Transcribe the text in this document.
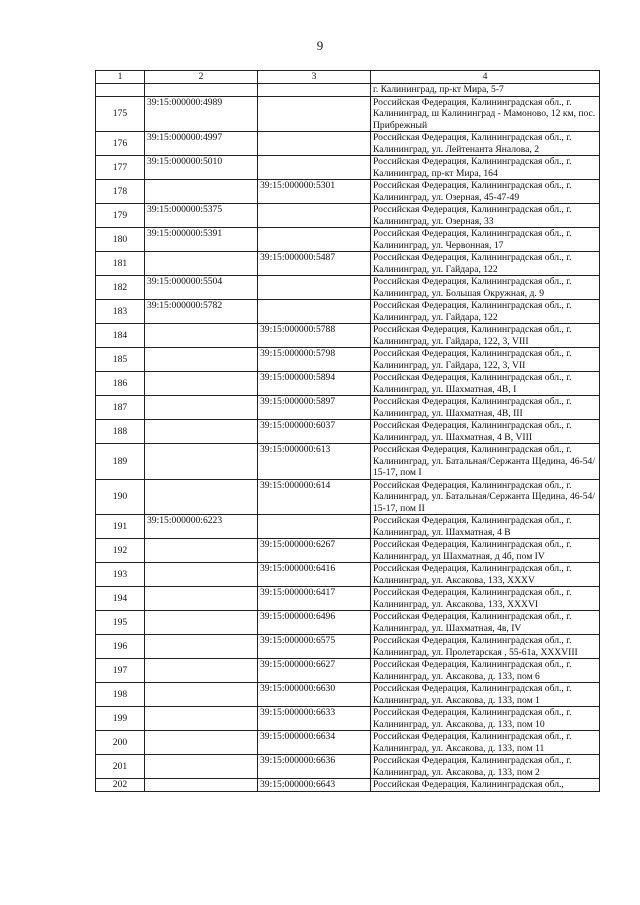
9
1	2	3	4
			г. Калининград, пр-кт Мира, 5-7
175	39:15:000000:4989		Российская Федерация, Калининградская обл., г. Калининград, ш Калининград - Мамоново, 12 км, пос. Прибрежный
176	39:15:000000:4997		Российская Федерация, Калининградская обл., г. Калининград, ул. Лейтенанта Яналова, 2
177	39:15:000000:5010		Российская Федерация, Калининградская обл., г. Калининград, пр-кт Мира, 164
178		39:15:000000:5301	Российская Федерация, Калининградская обл., г. Калининград, ул. Озерная, 45-47-49
179	39:15:000000:5375		Российская Федерация, Калининградская обл., г. Калининград, ул. Озерная, 33
180	39:15:000000:5391		Российская Федерация, Калининградская обл., г. Калининград, ул. Червонная, 17
181		39:15:000000:5487	Российская Федерация, Калининградская обл., г. Калининград, ул. Гайдара, 122
182	39:15:000000:5504		Российская Федерация, Калининградская обл., г. Калининград, ул. Большая Окружная, д. 9
183	39:15:000000:5782		Российская Федерация, Калининградская обл., г. Калининград, ул. Гайдара, 122
184		39:15:000000:5788	Российская Федерация, Калининградская обл., г. Калининград, ул. Гайдара, 122, 3, VIII
185		39:15:000000:5798	Российская Федерация, Калининградская обл., г. Калининград, ул. Гайдара, 122, 3, VII
186		39:15:000000:5894	Российская Федерация, Калининградская обл., г. Калининград, ул. Шахматная, 4В, I
187		39:15:000000:5897	Российская Федерация, Калининградская обл., г. Калининград, ул. Шахматная, 4В, III
188		39:15:000000:6037	Российская Федерация, Калининградская обл., г. Калининград, ул. Шахматная, 4 В, VIII
189		39:15:000000:613	Российская Федерация, Калининградская обл., г. Калининград, ул. Батальная/Сержанта Щедина, 46-54/ 15-17, пом I
190		39:15:000000:614	Российская Федерация, Калининградская обл., г. Калининград, ул. Батальная/Сержанта Щедина, 46-54/ 15-17, пом II
191	39:15:000000:6223		Российская Федерация, Калининградская обл., г. Калининград, ул. Шахматная, 4 В
192		39:15:000000:6267	Российская Федерация, Калининградская обл., г. Калининград, ул Шахматная, д 4б, пом IV
193		39:15:000000:6416	Российская Федерация, Калининградская обл., г. Калининград, ул. Аксакова, 133, XXXV
194		39:15:000000:6417	Российская Федерация, Калининградская обл., г. Калининград, ул. Аксакова, 133, XXXVI
195		39:15:000000:6496	Российская Федерация, Калининградская обл., г. Калининград, ул. Шахматная, 4в, IV
196		39:15:000000:6575	Российская Федерация, Калининградская обл., г. Калининград, ул. Пролетарская , 55-61а, XXXVIII
197		39:15:000000:6627	Российская Федерация, Калининградская обл., г. Калининград, ул. Аксакова, д. 133, пом 6
198		39:15:000000:6630	Российская Федерация, Калининградская обл., г. Калининград, ул. Аксакова, д. 133, пом 1
199		39:15:000000:6633	Российская Федерация, Калининградская обл., г. Калининград, ул. Аксакова, д. 133, пом 10
200		39:15:000000:6634	Российская Федерация, Калининградская обл., г. Калининград, ул. Аксакова, д. 133, пом 11
201		39:15:000000:6636	Российская Федерация, Калининградская обл., г. Калининград, ул. Аксакова, д. 133, пом 2
202		39:15:000000:6643	Российская Федерация, Калининградская обл.,
